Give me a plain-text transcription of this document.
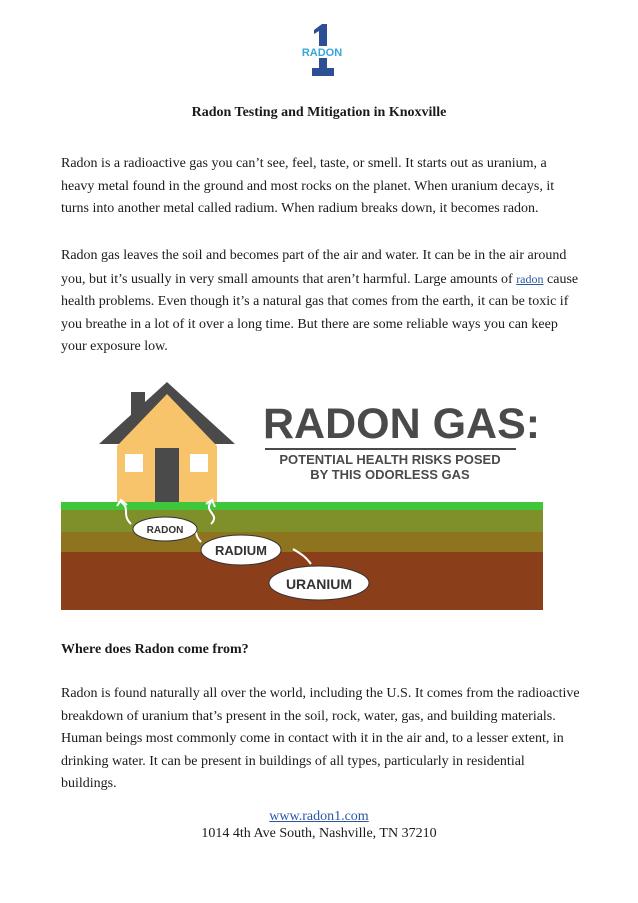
RADON
Radon Testing and Mitigation in Knoxville

Radon is a radioactive gas you can’t see, feel, taste, or smell. It starts out as uranium, a heavy metal found in the ground and most rocks on the planet. When uranium decays, it turns into another metal called radium. When radium breaks down, it becomes radon.

Radon gas leaves the soil and becomes part of the air and water. It can be in the air around you, but it’s usually in very small amounts that aren’t harmful. Large amounts of radon cause health problems. Even though it’s a natural gas that comes from the earth, it can be toxic if you breathe in a lot of it over a long time. But there are some reliable ways you can keep your exposure low.

RADON
RADIUM
URANIUM
RADON GAS:
POTENTIAL HEALTH RISKS POSED
BY THIS ODORLESS GAS
Where does Radon come from?

Radon is found naturally all over the world, including the U.S. It comes from the radioactive breakdown of uranium that’s present in the soil, rock, water, gas, and building materials. Human beings most commonly come in contact with it in the air and, to a lesser extent, in drinking water. It can be present in buildings of all types, particularly in residential buildings.

www.radon1.com
1014 4th Ave South, Nashville, TN 37210
